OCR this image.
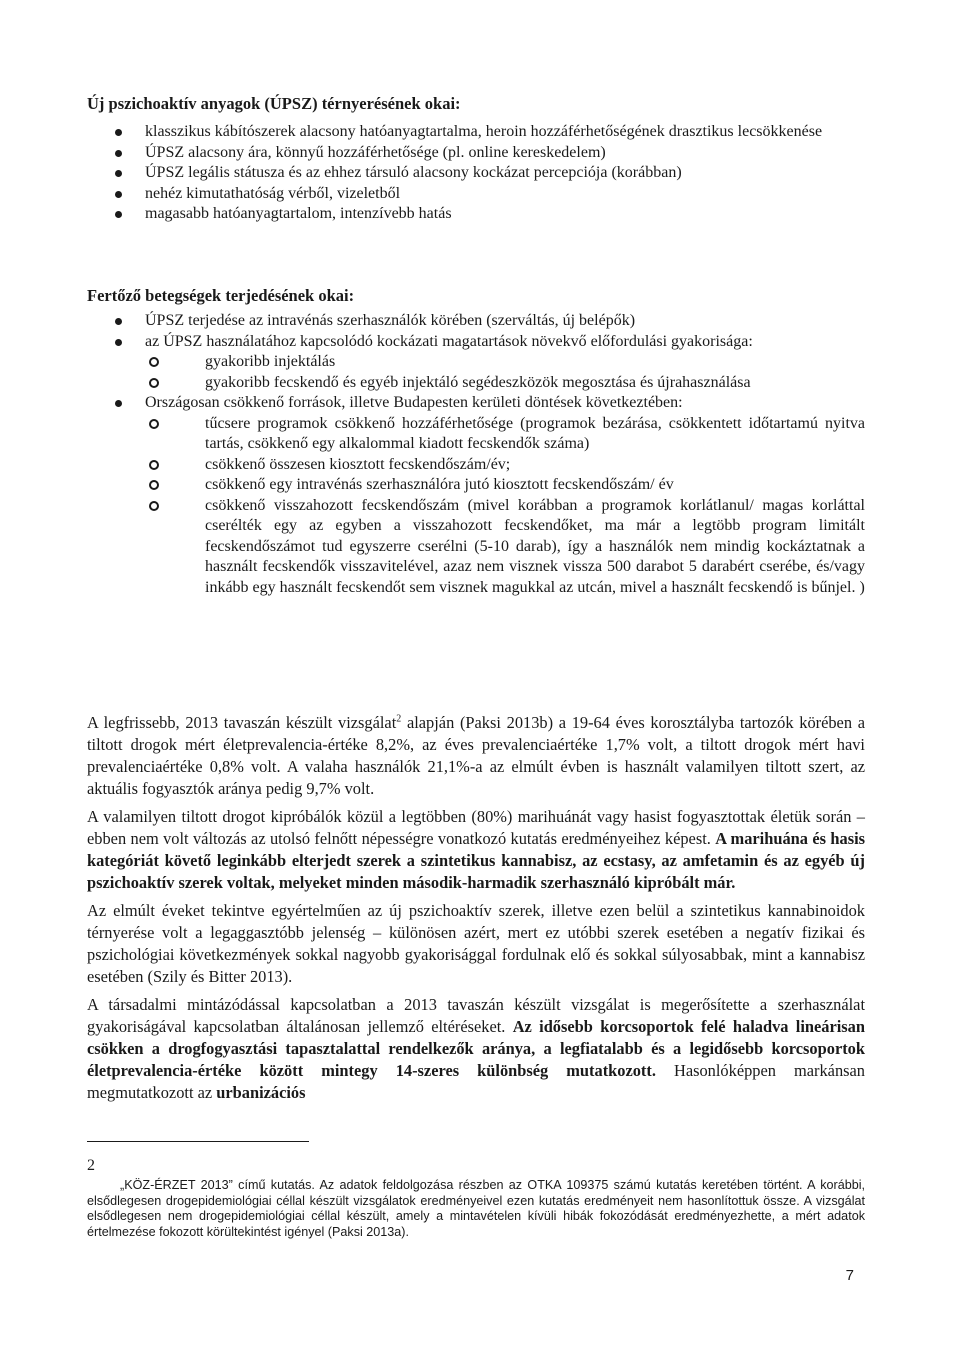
Új pszichoaktív anyagok (ÚPSZ) térnyerésének okai:
klasszikus kábítószerek alacsony hatóanyagtartalma, heroin hozzáférhetőségének drasztikus lecsökkenése
ÚPSZ alacsony ára, könnyű hozzáférhetősége (pl. online kereskedelem)
ÚPSZ legális státusza és az ehhez társuló alacsony kockázat percepciója (korábban)
nehéz kimutathatóság vérből, vizeletből
magasabb hatóanyagtartalom, intenzívebb hatás
Fertőző betegségek terjedésének okai:
ÚPSZ terjedése az intravénás szerhasználók körében (szerváltás, új belépők)
az ÚPSZ használatához kapcsolódó kockázati magatartások növekvő előfordulási gyakorisága:
gyakoribb injektálás
gyakoribb fecskendő és egyéb injektáló segédeszközök megosztása és újrahasználása
Országosan csökkenő források, illetve Budapesten kerületi döntések következtében:
tűcsere programok csökkenő hozzáférhetősége (programok bezárása, csökkentett időtartamú nyitva tartás, csökkenő egy alkalommal kiadott fecskendők száma)
csökkenő összesen kiosztott fecskendőszám/év;
csökkenő egy intravénás szerhasználóra jutó kiosztott fecskendőszám/ év
csökkenő visszahozott fecskendőszám (mivel korábban a programok korlátlanul/ magas korláttal cserélték egy az egyben a visszahozott fecskendőket, ma már a legtöbb program limitált fecskendőszámot tud egyszerre cserélni (5-10 darab), így a használók nem mindig kockáztatnak a használt fecskendők visszavitelével, azaz nem visznek vissza 500 darabot 5 darabért cserébe, és/vagy inkább egy használt fecskendőt sem visznek magukkal az utcán, mivel a használt fecskendő is bűnjel. )

A legfrissebb, 2013 tavaszán készült vizsgálat$^2$ alapján (Paksi 2013b) a 19-64 éves korosztályba tartozók körében a tiltott drogok mért életprevalencia-értéke 8,2%, az éves prevalenciaértéke 1,7% volt, a tiltott drogok mért havi prevalenciaértéke 0,8% volt. A valaha használók 21,1%-a az elmúlt évben is használt valamilyen tiltott szert, az aktuális fogyasztók aránya pedig 9,7% volt.

A valamilyen tiltott drogot kipróbálók közül a legtöbben (80%) marihuánát vagy hasist fogyasztottak életük során – ebben nem volt változás az utolsó felnőtt népességre vonatkozó kutatás eredményeihez képest. A marihuána és hasis kategóriát követő leginkább elterjedt szerek a szintetikus kannabisz, az ecstasy, az amfetamin és az egyéb új pszichoaktív szerek voltak, melyeket minden második-harmadik szerhasználó kipróbált már.

Az elmúlt éveket tekintve egyértelműen az új pszichoaktív szerek, illetve ezen belül a szintetikus kannabinoidok térnyerése volt a legaggasztóbb jelenség – különösen azért, mert ez utóbbi szerek esetében a negatív fizikai és pszichológiai következmények sokkal nagyobb gyakorisággal fordulnak elő és sokkal súlyosabbak, mint a kannabisz esetében (Szily és Bitter 2013).

A társadalmi mintázódással kapcsolatban a 2013 tavaszán készült vizsgálat is megerősítette a szerhasználat gyakoriságával kapcsolatban általánosan jellemző eltéréseket. Az idősebb korcsoportok felé haladva lineárisan csökken a drogfogyasztási tapasztalattal rendelkezők aránya, a legfiatalabb és a legidősebb korcsoportok életprevalencia-értéke között mintegy 14-szeres különbség mutatkozott. Hasonlóképpen markánsan megmutatkozott az urbanizációs

2

„KÖZ-ÉRZET 2013” című kutatás. Az adatok feldolgozása részben az OTKA 109375 számú kutatás keretében történt. A korábbi, elsődlegesen drogepidemiológiai céllal készült vizsgálatok eredményeivel ezen kutatás eredményeit nem hasonlítottuk össze. A vizsgálat elsődlegesen nem drogepidemiológiai céllal készült, amely a mintavételen kívüli hibák fokozódását eredményezhette, a mért adatok értelmezése fokozott körültekintést igényel (Paksi 2013a).

7
